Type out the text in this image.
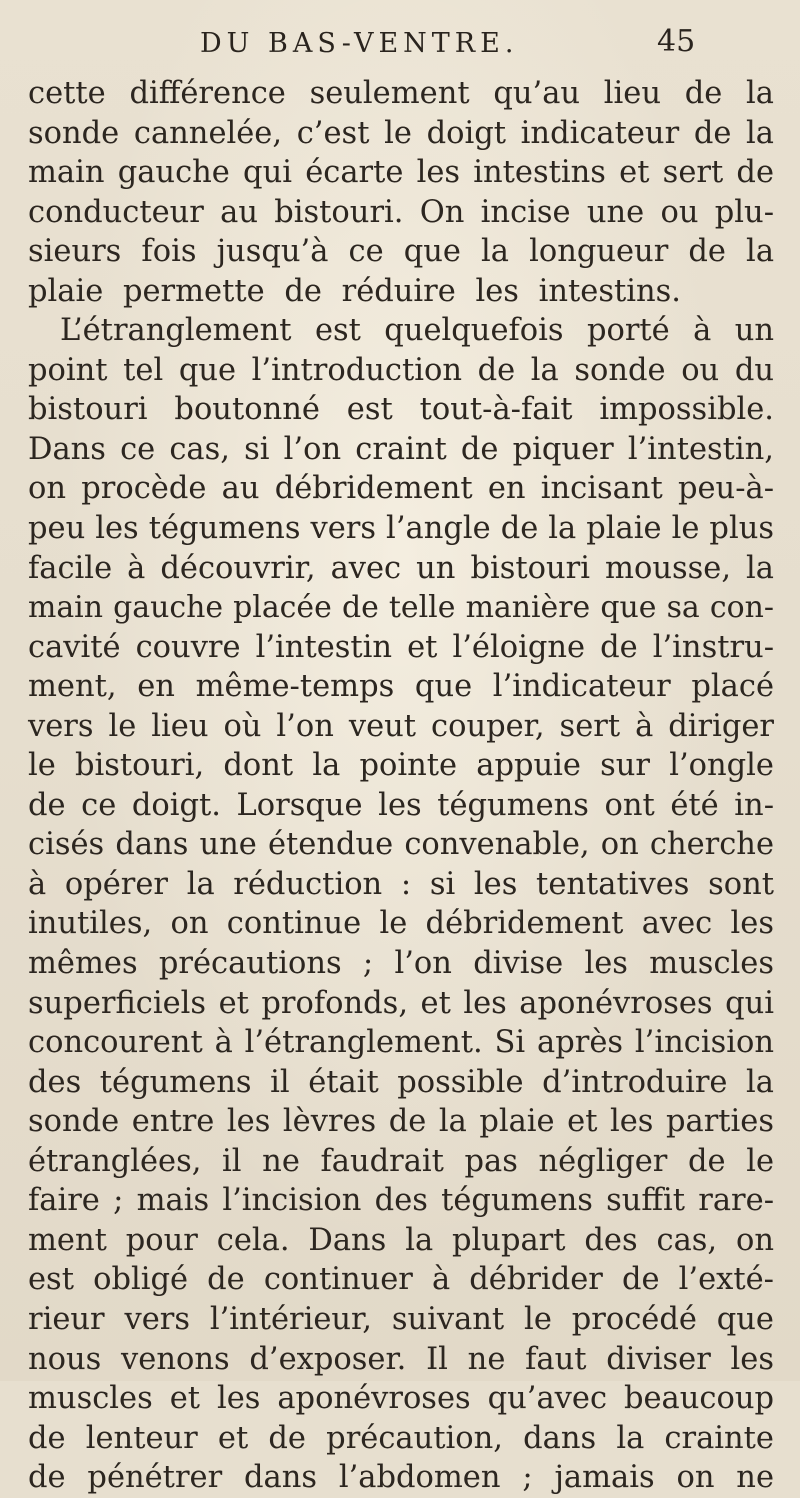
DU BAS-VENTRE.	45
cette différence seulement qu’au lieu de la
sonde cannelée, c’est le doigt indicateur de la
main gauche qui écarte les intestins et sert de
conducteur au bistouri. On incise une ou plu-
sieurs fois jusqu’à ce que la longueur de la
plaie permette de réduire les intestins.
L’étranglement est quelquefois porté à un
point tel que l’introduction de la sonde ou du
bistouri boutonné est tout-à-fait impossible.
Dans ce cas, si l’on craint de piquer l’intestin,
on procède au débridement en incisant peu-à-
peu les tégumens vers l’angle de la plaie le plus
facile à découvrir, avec un bistouri mousse, la
main gauche placée de telle manière que sa con-
cavité couvre l’intestin et l’éloigne de l’instru-
ment, en même-temps que l’indicateur placé
vers le lieu où l’on veut couper, sert à diriger
le bistouri, dont la pointe appuie sur l’ongle
de ce doigt. Lorsque les tégumens ont été in-
cisés dans une étendue convenable, on cherche
à opérer la réduction : si les tentatives sont
inutiles, on continue le débridement avec les
mêmes précautions ; l’on divise les muscles
superficiels et profonds, et les aponévroses qui
concourent à l’étranglement. Si après l’incision
des tégumens il était possible d’introduire la
sonde entre les lèvres de la plaie et les parties
étranglées, il ne faudrait pas négliger de le
faire ; mais l’incision des tégumens suffit rare-
ment pour cela. Dans la plupart des cas, on
est obligé de continuer à débrider de l’exté-
rieur vers l’intérieur, suivant le procédé que
nous venons d’exposer. Il ne faut diviser les
muscles et les aponévroses qu’avec beaucoup
de lenteur et de précaution, dans la crainte
de pénétrer dans l’abdomen ; jamais on ne
